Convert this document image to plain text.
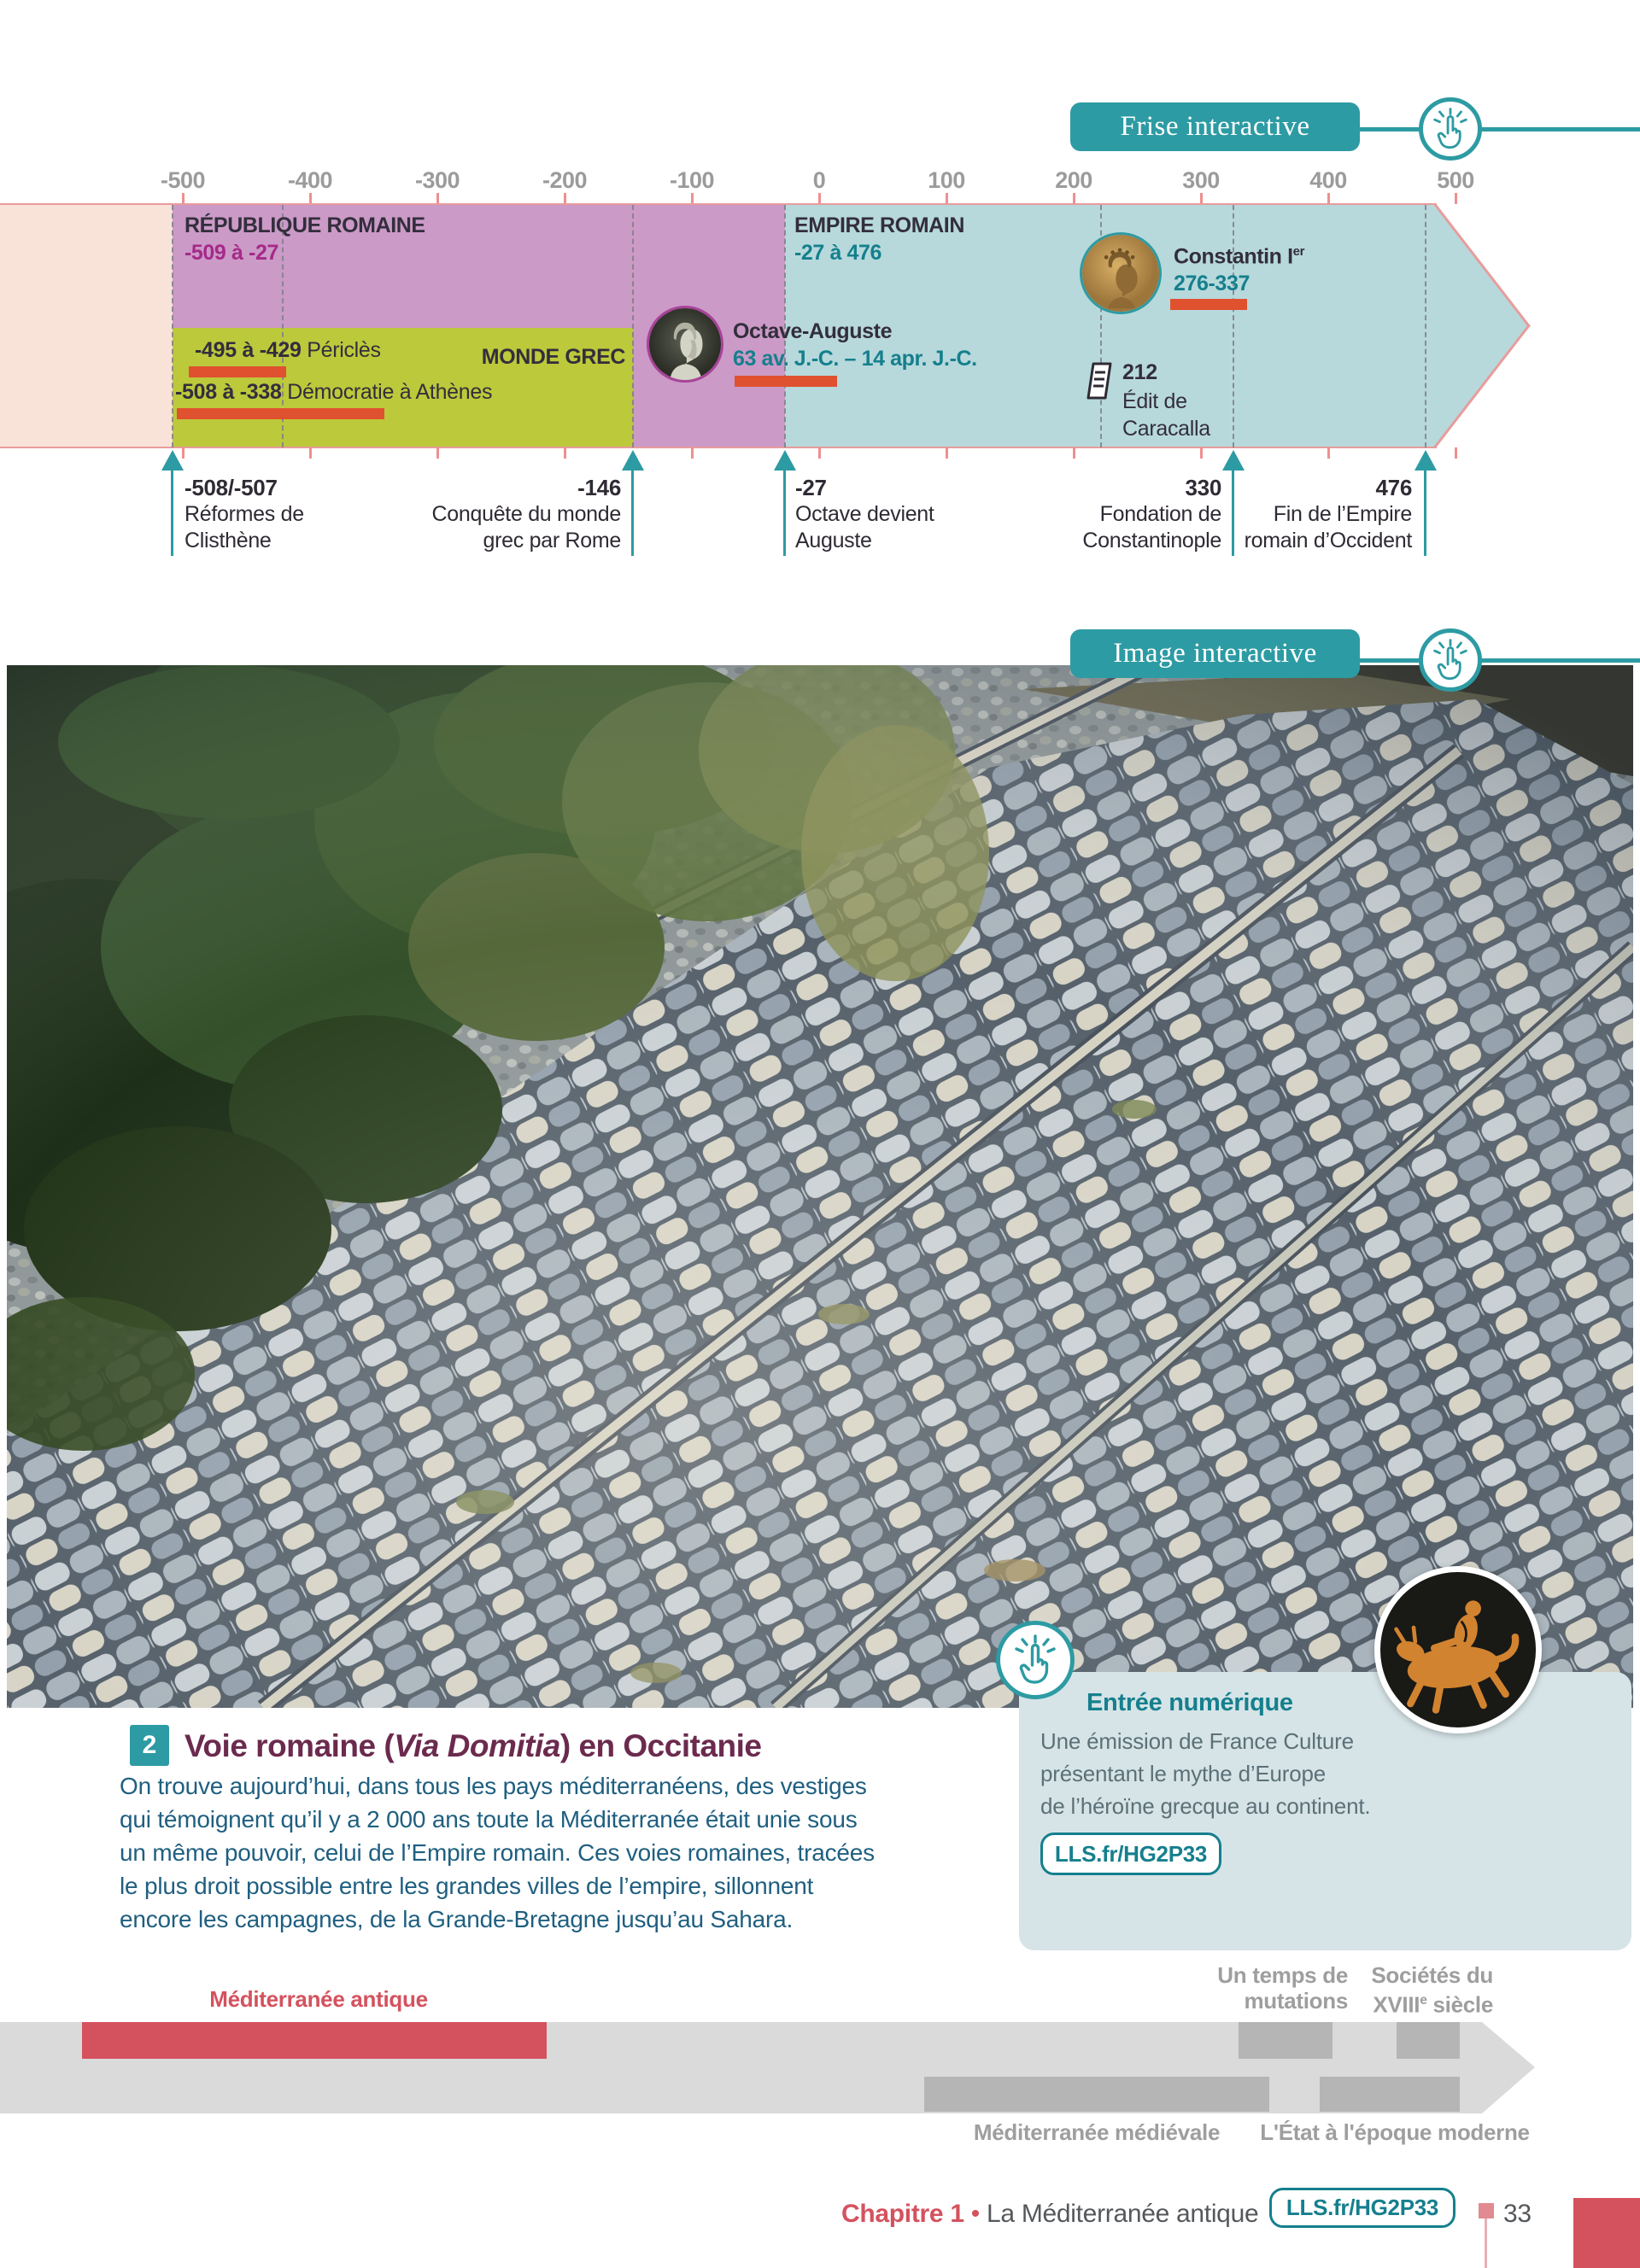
Frise interactive
-500	-400	-300	-200	-100	0	100	200	300	400	500
RÉPUBLIQUE ROMAINE
-509 à -27
EMPIRE ROMAIN
-27 à 476
MONDE GREC
-495 à -429 Périclès
-508 à -338 Démocratie à Athènes
Octave-Auguste
63 av. J.-C. – 14 apr. J.-C.
Constantin Ier
276-337
212
Édit de
Caracalla
-508/-507
Réformes de
Clisthène
-146
Conquête du monde
grec par Rome
-27
Octave devient
Auguste
330
Fondation de
Constantinople
476
Fin de l’Empire
romain d’Occident
Image interactive
Entrée numérique
Une émission de France Culture
présentant le mythe d’Europe
de l’héroïne grecque au continent.
LLS.fr/HG2P33
2 Voie romaine (Via Domitia) en Occitanie
On trouve aujourd’hui, dans tous les pays méditerranéens, des vestiges
qui témoignent qu’il y a 2 000 ans toute la Méditerranée était unie sous
un même pouvoir, celui de l’Empire romain. Ces voies romaines, tracées
le plus droit possible entre les grandes villes de l’empire, sillonnent
encore les campagnes, de la Grande-Bretagne jusqu’au Sahara.
Méditerranée antique
Un temps de
mutations
Sociétés du
XVIIIe siècle
Méditerranée médiévale	L'État à l'époque moderne
Chapitre 1 • La Méditerranée antique LLS.fr/HG2P33	33
